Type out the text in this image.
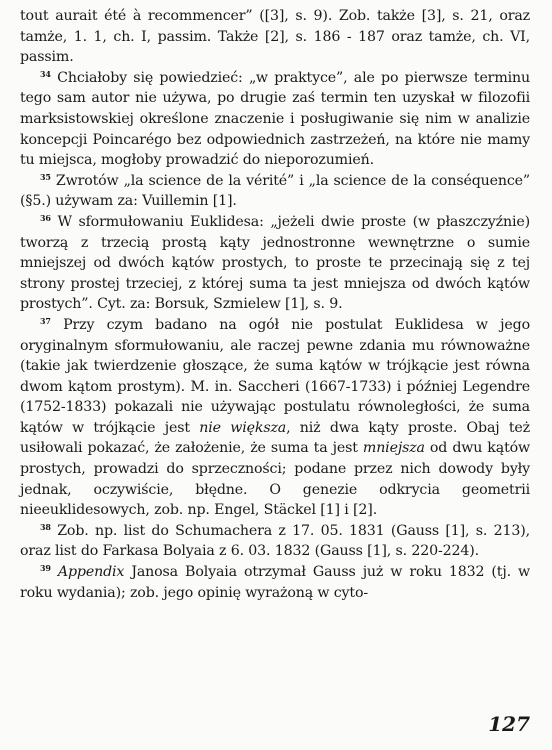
tout aurait été à recommencer” ([3], s. 9). Zob. także [3], s. 21, oraz tamże, 1. 1, ch. I, passim. Także [2], s. 186 - 187 oraz tamże, ch. VI, passim.

$^{34}$ Chciałoby się powiedzieć: „w praktyce”, ale po pierwsze terminu tego sam autor nie używa, po drugie zaś termin ten uzyskał w filozofii marksistowskiej określone znaczenie i posługiwanie się nim w analizie koncepcji Poincarégo bez odpowiednich zastrzeżeń, na które nie mamy tu miejsca, mogłoby prowadzić do nieporozumień.

$^{35}$ Zwrotów „la science de la vérité” i „la science de la conséquence” (§5.) używam za: Vuillemin [1].

$^{36}$ W sformułowaniu Euklidesa: „jeżeli dwie proste (w płaszczyźnie) tworzą z trzecią prostą kąty jednostronne wewnętrzne o sumie mniejszej od dwóch kątów prostych, to proste te przecinają się z tej strony prostej trzeciej, z której suma ta jest mniejsza od dwóch kątów prostych”. Cyt. za: Borsuk, Szmielew [1], s. 9.

$^{37}$ Przy czym badano na ogół nie postulat Euklidesa w jego oryginalnym sformułowaniu, ale raczej pewne zdania mu równoważne (takie jak twierdzenie głoszące, że suma kątów w trójkącie jest równa dwom kątom prostym). M. in. Saccheri (1667-1733) i później Legendre (1752-1833) pokazali nie używając postulatu równoległości, że suma kątów w trójkącie jest nie większa, niż dwa kąty proste. Obaj też usiłowali pokazać, że założenie, że suma ta jest mniejsza od dwu kątów prostych, prowadzi do sprzeczności; podane przez nich dowody były jednak, oczywiście, błędne. O genezie odkrycia geometrii nieeuklidesowych, zob. np. Engel, Stäckel [1] i [2].

$^{38}$ Zob. np. list do Schumachera z 17. 05. 1831 (Gauss [1], s. 213), oraz list do Farkasa Bolyaia z 6. 03. 1832 (Gauss [1], s. 220-224).

$^{39}$ Appendix Janosa Bolyaia otrzymał Gauss już w roku 1832 (tj. w roku wydania); zob. jego opinię wyrażoną w cyto-

127
